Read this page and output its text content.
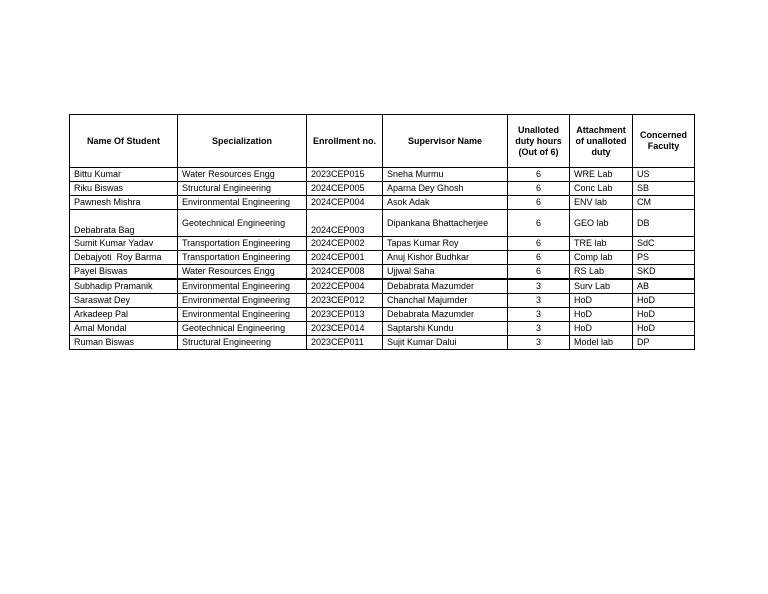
Name Of Student	Specialization	Enrollment no.	Supervisor Name	Unalloted duty hours (Out of 6)	Attachment of unalloted duty	Concerned Faculty
Bittu Kumar	Water Resources Engg	2023CEP015	Sneha Murmu	6	WRE Lab	US
Riku Biswas	Structural Engineering	2024CEP005	Aparna Dey Ghosh	6	Conc Lab	SB
Pawnesh Mishra	Environmental Engineering	2024CEP004	Asok Adak	6	ENV lab	CM
Debabrata Bag	Geotechnical Engineering	2024CEP003	Dipankana Bhattacherjee	6	GEO lab	DB
Sumit Kumar Yadav	Transportation Engineering	2024CEP002	Tapas Kumar Roy	6	TRE lab	SdC
Debajyoti  Roy Barma	Transportation Engineering	2024CEP001	Anuj Kishor Budhkar	6	Comp lab	PS
Payel Biswas	Water Resources Engg	2024CEP008	Ujjwal Saha	6	RS Lab	SKD
Subhadip Pramanik	Environmental Engineering	2022CEP004	Debabrata Mazumder	3	Surv Lab	AB
Saraswat Dey	Environmental Engineering	2023CEP012	Chanchal Majumder	3	HoD	HoD
Arkadeep Pal	Environmental Engineering	2023CEP013	Debabrata Mazumder	3	HoD	HoD
Amal Mondal	Geotechnical Engineering	2023CEP014	Saptarshi Kundu	3	HoD	HoD
Ruman Biswas	Structural Engineering	2023CEP011	Sujit Kumar Dalui	3	Model lab	DP
